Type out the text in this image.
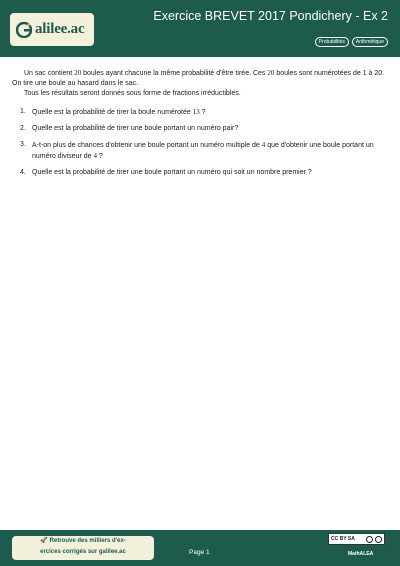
alilee.ac
Exercice BREVET 2017 Pondichery - Ex 2
Probabilités	Arithmétique

Un sac contient 20 boules ayant chacune la même probabilité d'être tirée. Ces 20 boules sont numérotées de 1 à 20. On tire une boule au hasard dans le sac.

Tous les résultats seront donnés sous forme de fractions irréductibles.

1. Quelle est la probabilité de tirer la boule numérotée 13 ?
2. Quelle est la probabilité de tirer une boule portant un numéro pair?
3. A-t-on plus de chances d'obtenir une boule portant un numéro multiple de 4 que d'obtenir une boule portant un numéro diviseur de 4 ?
4. Quelle est la probabilité de tirer une boule portant un numéro qui soit un nombre premier ?
🚀 Retrouve des milliers d'ex-
ercices corrigés sur galilee.ac	Page 1
CC BY SA
MathALEA
